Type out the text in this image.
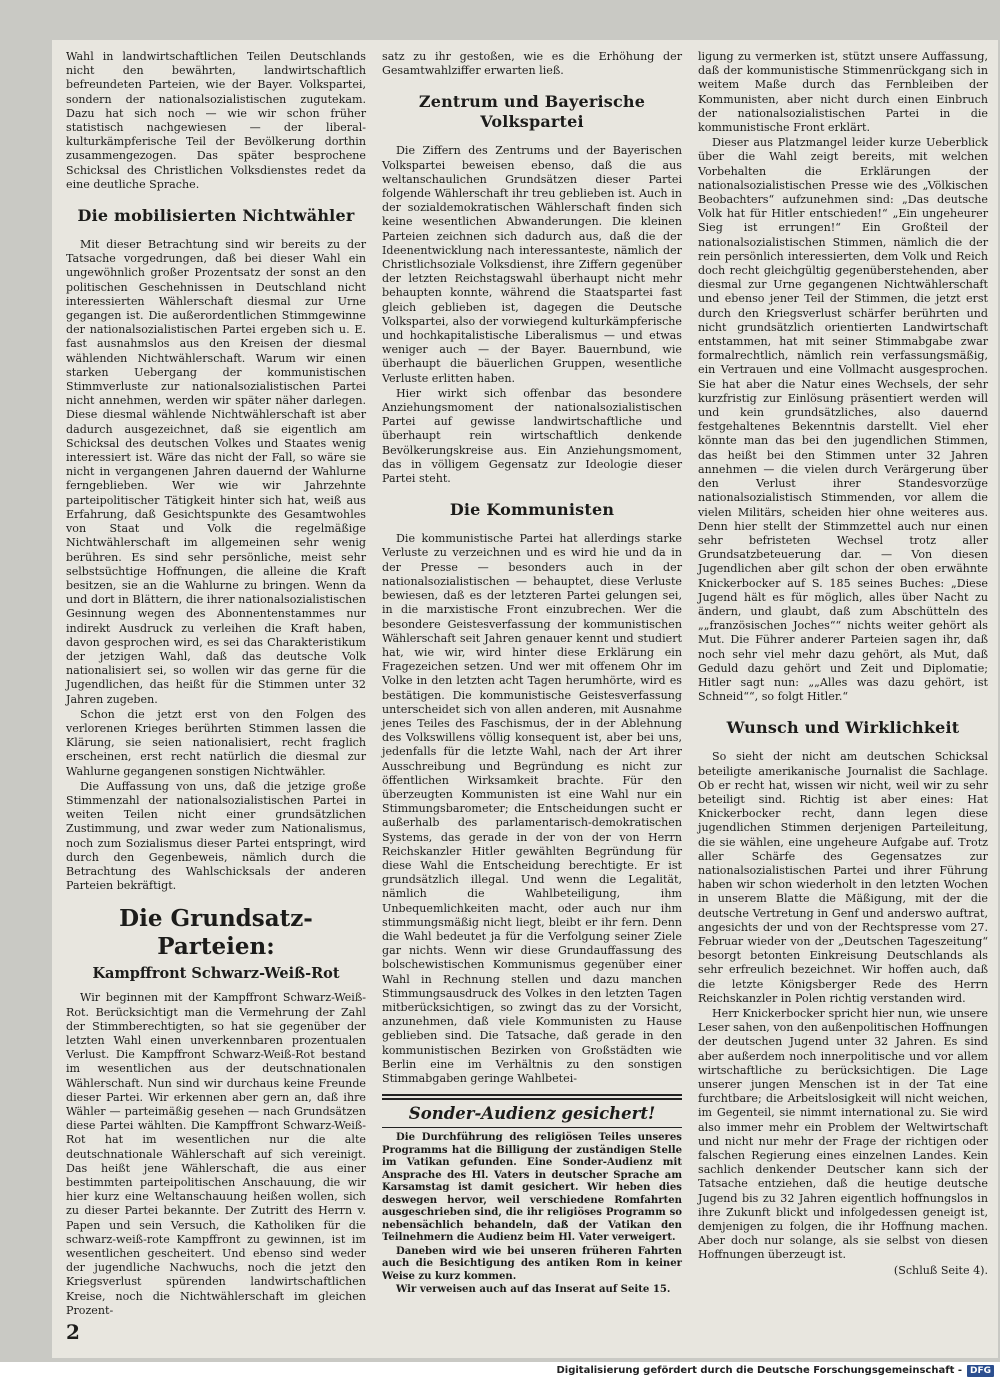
Wahl in landwirtschaftlichen Teilen Deutschlands nicht den bewährten, landwirtschaftlich befreundeten Parteien, wie der Bayer. Volkspartei, sondern der nationalsozialistischen zugutekam. Dazu hat sich noch — wie wir schon früher statistisch nachgewiesen — der liberal-kulturkämpferische Teil der Bevölkerung dorthin zusammengezogen. Das später besprochene Schicksal des Christlichen Volksdienstes redet da eine deutliche Sprache.

Die mobilisierten Nichtwähler

Mit dieser Betrachtung sind wir bereits zu der Tatsache vorgedrungen, daß bei dieser Wahl ein ungewöhnlich großer Prozentsatz der sonst an den politischen Geschehnissen in Deutschland nicht interessierten Wählerschaft diesmal zur Urne gegangen ist. Die außerordentlichen Stimmgewinne der nationalsozialistischen Partei ergeben sich u. E. fast ausnahmslos aus den Kreisen der diesmal wählenden Nichtwählerschaft. Warum wir einen starken Uebergang der kommunistischen Stimmverluste zur nationalsozialistischen Partei nicht annehmen, werden wir später näher darlegen. Diese diesmal wählende Nichtwählerschaft ist aber dadurch ausgezeichnet, daß sie eigentlich am Schicksal des deutschen Volkes und Staates wenig interessiert ist. Wäre das nicht der Fall, so wäre sie nicht in vergangenen Jahren dauernd der Wahlurne ferngeblieben. Wer wie wir Jahrzehnte parteipolitischer Tätigkeit hinter sich hat, weiß aus Erfahrung, daß Gesichtspunkte des Gesamtwohles von Staat und Volk die regelmäßige Nichtwählerschaft im allgemeinen sehr wenig berühren. Es sind sehr persönliche, meist sehr selbstsüchtige Hoffnungen, die alleine die Kraft besitzen, sie an die Wahlurne zu bringen. Wenn da und dort in Blättern, die ihrer nationalsozialistischen Gesinnung wegen des Abonnentenstammes nur indirekt Ausdruck zu verleihen die Kraft haben, davon gesprochen wird, es sei das Charakteristikum der jetzigen Wahl, daß das deutsche Volk nationalisiert sei, so wollen wir das gerne für die Jugendlichen, das heißt für die Stimmen unter 32 Jahren zugeben.

Schon die jetzt erst von den Folgen des verlorenen Krieges berührten Stimmen lassen die Klärung, sie seien nationalisiert, recht fraglich erscheinen, erst recht natürlich die diesmal zur Wahlurne gegangenen sonstigen Nichtwähler.

Die Auffassung von uns, daß die jetzige große Stimmenzahl der nationalsozialistischen Partei in weiten Teilen nicht einer grundsätzlichen Zustimmung, und zwar weder zum Nationalismus, noch zum Sozialismus dieser Partei entspringt, wird durch den Gegenbeweis, nämlich durch die Betrachtung des Wahlschicksals der anderen Parteien bekräftigt.

Die Grundsatz-Parteien:
Kampffront Schwarz-Weiß-Rot

Wir beginnen mit der Kampffront Schwarz-Weiß-Rot. Berücksichtigt man die Vermehrung der Zahl der Stimmberechtigten, so hat sie gegenüber der letzten Wahl einen unverkennbaren prozentualen Verlust. Die Kampffront Schwarz-Weiß-Rot bestand im wesentlichen aus der deutschnationalen Wählerschaft. Nun sind wir durchaus keine Freunde dieser Partei. Wir erkennen aber gern an, daß ihre Wähler — parteimäßig gesehen — nach Grundsätzen diese Partei wählten. Die Kampffront Schwarz-Weiß-Rot hat im wesentlichen nur die alte deutschnationale Wählerschaft auf sich vereinigt. Das heißt jene Wählerschaft, die aus einer bestimmten parteipolitischen Anschauung, die wir hier kurz eine Weltanschauung heißen wollen, sich zu dieser Partei bekannte. Der Zutritt des Herrn v. Papen und sein Versuch, die Katholiken für die schwarz-weiß-rote Kampffront zu gewinnen, ist im wesentlichen gescheitert. Und ebenso sind weder der jugendliche Nachwuchs, noch die jetzt den Kriegsverlust spürenden landwirtschaftlichen Kreise, noch die Nichtwählerschaft im gleichen Prozent-

satz zu ihr gestoßen, wie es die Erhöhung der Gesamtwahlziffer erwarten ließ.

Zentrum und Bayerische Volkspartei

Die Ziffern des Zentrums und der Bayerischen Volkspartei beweisen ebenso, daß die aus weltanschaulichen Grundsätzen dieser Partei folgende Wählerschaft ihr treu geblieben ist. Auch in der sozialdemokratischen Wählerschaft finden sich keine wesentlichen Abwanderungen. Die kleinen Parteien zeichnen sich dadurch aus, daß die der Ideenentwicklung nach interessanteste, nämlich der Christlichsoziale Volksdienst, ihre Ziffern gegenüber der letzten Reichstagswahl überhaupt nicht mehr behaupten konnte, während die Staatspartei fast gleich geblieben ist, dagegen die Deutsche Volkspartei, also der vorwiegend kulturkämpferische und hochkapitalistische Liberalismus — und etwas weniger auch — der Bayer. Bauernbund, wie überhaupt die bäuerlichen Gruppen, wesentliche Verluste erlitten haben.

Hier wirkt sich offenbar das besondere Anziehungsmoment der nationalsozialistischen Partei auf gewisse landwirtschaftliche und überhaupt rein wirtschaftlich denkende Bevölkerungskreise aus. Ein Anziehungsmoment, das in völligem Gegensatz zur Ideologie dieser Partei steht.

Die Kommunisten

Die kommunistische Partei hat allerdings starke Verluste zu verzeichnen und es wird hie und da in der Presse — besonders auch in der nationalsozialistischen — behauptet, diese Verluste bewiesen, daß es der letzteren Partei gelungen sei, in die marxistische Front einzubrechen. Wer die besondere Geistesverfassung der kommunistischen Wählerschaft seit Jahren genauer kennt und studiert hat, wie wir, wird hinter diese Erklärung ein Fragezeichen setzen. Und wer mit offenem Ohr im Volke in den letzten acht Tagen herumhörte, wird es bestätigen. Die kommunistische Geistesverfassung unterscheidet sich von allen anderen, mit Ausnahme jenes Teiles des Faschismus, der in der Ablehnung des Volkswillens völlig konsequent ist, aber bei uns, jedenfalls für die letzte Wahl, nach der Art ihrer Ausschreibung und Begründung es nicht zur öffentlichen Wirksamkeit brachte. Für den überzeugten Kommunisten ist eine Wahl nur ein Stimmungsbarometer; die Entscheidungen sucht er außerhalb des parlamentarisch-demokratischen Systems, das gerade in der von der von Herrn Reichskanzler Hitler gewählten Begründung für diese Wahl die Entscheidung berechtigte. Er ist grundsätzlich illegal. Und wenn die Legalität, nämlich die Wahlbeteiligung, ihm Unbequemlichkeiten macht, oder auch nur ihm stimmungsmäßig nicht liegt, bleibt er ihr fern. Denn die Wahl bedeutet ja für die Verfolgung seiner Ziele gar nichts. Wenn wir diese Grundauffassung des bolschewistischen Kommunismus gegenüber einer Wahl in Rechnung stellen und dazu manchen Stimmungsausdruck des Volkes in den letzten Tagen mitberücksichtigen, so zwingt das zu der Vorsicht, anzunehmen, daß viele Kommunisten zu Hause geblieben sind. Die Tatsache, daß gerade in den kommunistischen Bezirken von Großstädten wie Berlin eine im Verhältnis zu den sonstigen Stimmabgaben geringe Wahlbetei-

Sonder-Audienz gesichert!

Die Durchführung des religiösen Teiles unseres Programms hat die Billigung der zuständigen Stelle im Vatikan gefunden. Eine Sonder-Audienz mit Ansprache des Hl. Vaters in deutscher Sprache am Karsamstag ist damit gesichert. Wir heben dies deswegen hervor, weil verschiedene Romfahrten ausgeschrieben sind, die ihr religiöses Programm so nebensächlich behandeln, daß der Vatikan den Teilnehmern die Audienz beim Hl. Vater verweigert.

Daneben wird wie bei unseren früheren Fahrten auch die Besichtigung des antiken Rom in keiner Weise zu kurz kommen.

Wir verweisen auch auf das Inserat auf Seite 15.

ligung zu vermerken ist, stützt unsere Auffassung, daß der kommunistische Stimmenrückgang sich in weitem Maße durch das Fernbleiben der Kommunisten, aber nicht durch einen Einbruch der nationalsozialistischen Partei in die kommunistische Front erklärt.

Dieser aus Platzmangel leider kurze Ueberblick über die Wahl zeigt bereits, mit welchen Vorbehalten die Erklärungen der nationalsozialistischen Presse wie des „Völkischen Beobachters“ aufzunehmen sind: „Das deutsche Volk hat für Hitler entschieden!“ „Ein ungeheurer Sieg ist errungen!“ Ein Großteil der nationalsozialistischen Stimmen, nämlich die der rein persönlich interessierten, dem Volk und Reich doch recht gleichgültig gegenüberstehenden, aber diesmal zur Urne gegangenen Nichtwählerschaft und ebenso jener Teil der Stimmen, die jetzt erst durch den Kriegsverlust schärfer berührten und nicht grundsätzlich orientierten Landwirtschaft entstammen, hat mit seiner Stimmabgabe zwar formalrechtlich, nämlich rein verfassungsmäßig, ein Vertrauen und eine Vollmacht ausgesprochen. Sie hat aber die Natur eines Wechsels, der sehr kurzfristig zur Einlösung präsentiert werden will und kein grundsätzliches, also dauernd festgehaltenes Bekenntnis darstellt. Viel eher könnte man das bei den jugendlichen Stimmen, das heißt bei den Stimmen unter 32 Jahren annehmen — die vielen durch Verärgerung über den Verlust ihrer Standesvorzüge nationalsozialistisch Stimmenden, vor allem die vielen Militärs, scheiden hier ohne weiteres aus. Denn hier stellt der Stimmzettel auch nur einen sehr befristeten Wechsel trotz aller Grundsatzbeteuerung dar. — Von diesen Jugendlichen aber gilt schon der oben erwähnte Knickerbocker auf S. 185 seines Buches: „Diese Jugend hält es für möglich, alles über Nacht zu ändern, und glaubt, daß zum Abschütteln des „„französischen Joches““ nichts weiter gehört als Mut. Die Führer anderer Parteien sagen ihr, daß noch sehr viel mehr dazu gehört, als Mut, daß Geduld dazu gehört und Zeit und Diplomatie; Hitler sagt nun: „„Alles was dazu gehört, ist Schneid““, so folgt Hitler.“

Wunsch und Wirklichkeit

So sieht der nicht am deutschen Schicksal beteiligte amerikanische Journalist die Sachlage. Ob er recht hat, wissen wir nicht, weil wir zu sehr beteiligt sind. Richtig ist aber eines: Hat Knickerbocker recht, dann legen diese jugendlichen Stimmen derjenigen Parteileitung, die sie wählen, eine ungeheure Aufgabe auf. Trotz aller Schärfe des Gegensatzes zur nationalsozialistischen Partei und ihrer Führung haben wir schon wiederholt in den letzten Wochen in unserem Blatte die Mäßigung, mit der die deutsche Vertretung in Genf und anderswo auftrat, angesichts der und von der Rechtspresse vom 27. Februar wieder von der „Deutschen Tageszeitung“ besorgt betonten Einkreisung Deutschlands als sehr erfreulich bezeichnet. Wir hoffen auch, daß die letzte Königsberger Rede des Herrn Reichskanzler in Polen richtig verstanden wird.

Herr Knickerbocker spricht hier nun, wie unsere Leser sahen, von den außenpolitischen Hoffnungen der deutschen Jugend unter 32 Jahren. Es sind aber außerdem noch innerpolitische und vor allem wirtschaftliche zu berücksichtigen. Die Lage unserer jungen Menschen ist in der Tat eine furchtbare; die Arbeitslosigkeit will nicht weichen, im Gegenteil, sie nimmt international zu. Sie wird also immer mehr ein Problem der Weltwirtschaft und nicht nur mehr der Frage der richtigen oder falschen Regierung eines einzelnen Landes. Kein sachlich denkender Deutscher kann sich der Tatsache entziehen, daß die heutige deutsche Jugend bis zu 32 Jahren eigentlich hoffnungslos in ihre Zukunft blickt und infolgedessen geneigt ist, demjenigen zu folgen, die ihr Hoffnung machen. Aber doch nur solange, als sie selbst von diesen Hoffnungen überzeugt ist.

(Schluß Seite 4).

2
Digitalisierung gefördert durch die Deutsche Forschungsgemeinschaft - DFG
